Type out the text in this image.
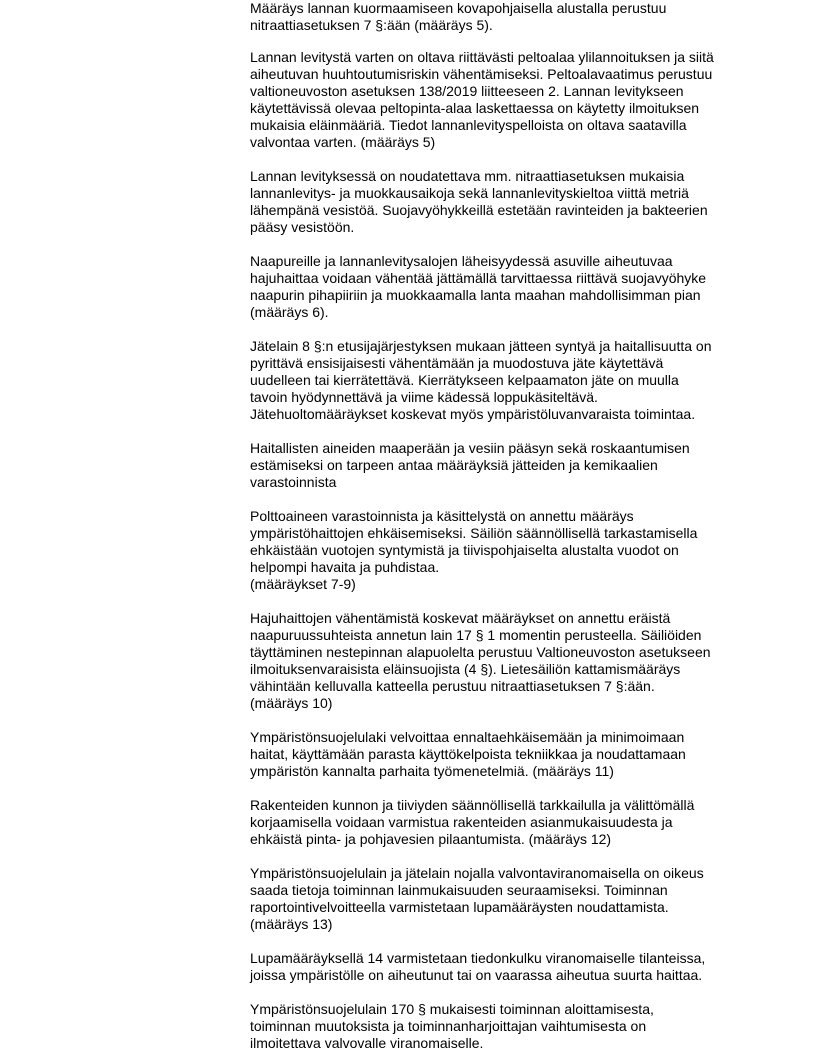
Määräys lannan kuormaamiseen kovapohjaisella alustalla perustuu
nitraattiasetuksen 7 §:ään (määräys 5).
Lannan levitystä varten on oltava riittävästi peltoalaa ylilannoituksen ja siitä
aiheutuvan huuhtoutumisriskin vähentämiseksi. Peltoalavaatimus perustuu
valtioneuvoston asetuksen 138/2019 liitteeseen 2. Lannan levitykseen
käytettävissä olevaa peltopinta-alaa laskettaessa on käytetty ilmoituksen
mukaisia eläinmääriä. Tiedot lannanlevityspelloista on oltava saatavilla
valvontaa varten. (määräys 5)
Lannan levityksessä on noudatettava mm. nitraattiasetuksen mukaisia
lannanlevitys- ja muokkausaikoja sekä lannanlevityskieltoa viittä metriä
lähempänä vesistöä. Suojavyöhykkeillä estetään ravinteiden ja bakteerien
pääsy vesistöön.
Naapureille ja lannanlevitysalojen läheisyydessä asuville aiheutuvaa
hajuhaittaa voidaan vähentää jättämällä tarvittaessa riittävä suojavyöhyke
naapurin pihapiiriin ja muokkaamalla lanta maahan mahdollisimman pian
(määräys 6).
Jätelain 8 §:n etusijajärjestyksen mukaan jätteen syntyä ja haitallisuutta on
pyrittävä ensisijaisesti vähentämään ja muodostuva jäte käytettävä
uudelleen tai kierrätettävä. Kierrätykseen kelpaamaton jäte on muulla
tavoin hyödynnettävä ja viime kädessä loppukäsiteltävä.
Jätehuoltomääräykset koskevat myös ympäristöluvanvaraista toimintaa.
Haitallisten aineiden maaperään ja vesiin pääsyn sekä roskaantumisen
estämiseksi on tarpeen antaa määräyksiä jätteiden ja kemikaalien
varastoinnista
Polttoaineen varastoinnista ja käsittelystä on annettu määräys
ympäristöhaittojen ehkäisemiseksi. Säiliön säännöllisellä tarkastamisella
ehkäistään vuotojen syntymistä ja tiivispohjaiselta alustalta vuodot on
helpompi havaita ja puhdistaa.
(määräykset 7-9)
Hajuhaittojen vähentämistä koskevat määräykset on annettu eräistä
naapuruussuhteista annetun lain 17 § 1 momentin perusteella. Säiliöiden
täyttäminen nestepinnan alapuolelta perustuu Valtioneuvoston asetukseen
ilmoituksenvaraisista eläinsuojista (4 §). Lietesäiliön kattamismääräys
vähintään kelluvalla katteella perustuu nitraattiasetuksen 7 §:ään.
(määräys 10)
Ympäristönsuojelulaki velvoittaa ennaltaehkäisemään ja minimoimaan
haitat, käyttämään parasta käyttökelpoista tekniikkaa ja noudattamaan
ympäristön kannalta parhaita työmenetelmiä. (määräys 11)
Rakenteiden kunnon ja tiiviyden säännöllisellä tarkkailulla ja välittömällä
korjaamisella voidaan varmistua rakenteiden asianmukaisuudesta ja
ehkäistä pinta- ja pohjavesien pilaantumista. (määräys 12)
Ympäristönsuojelulain ja jätelain nojalla valvontaviranomaisella on oikeus
saada tietoja toiminnan lainmukaisuuden seuraamiseksi. Toiminnan
raportointivelvoitteella varmistetaan lupamääräysten noudattamista.
(määräys 13)
Lupamääräyksellä 14 varmistetaan tiedonkulku viranomaiselle tilanteissa,
joissa ympäristölle on aiheutunut tai on vaarassa aiheutua suurta haittaa.
Ympäristönsuojelulain 170 § mukaisesti toiminnan aloittamisesta,
toiminnan muutoksista ja toiminnanharjoittajan vaihtumisesta on
ilmoitettava valvovalle viranomaiselle.
